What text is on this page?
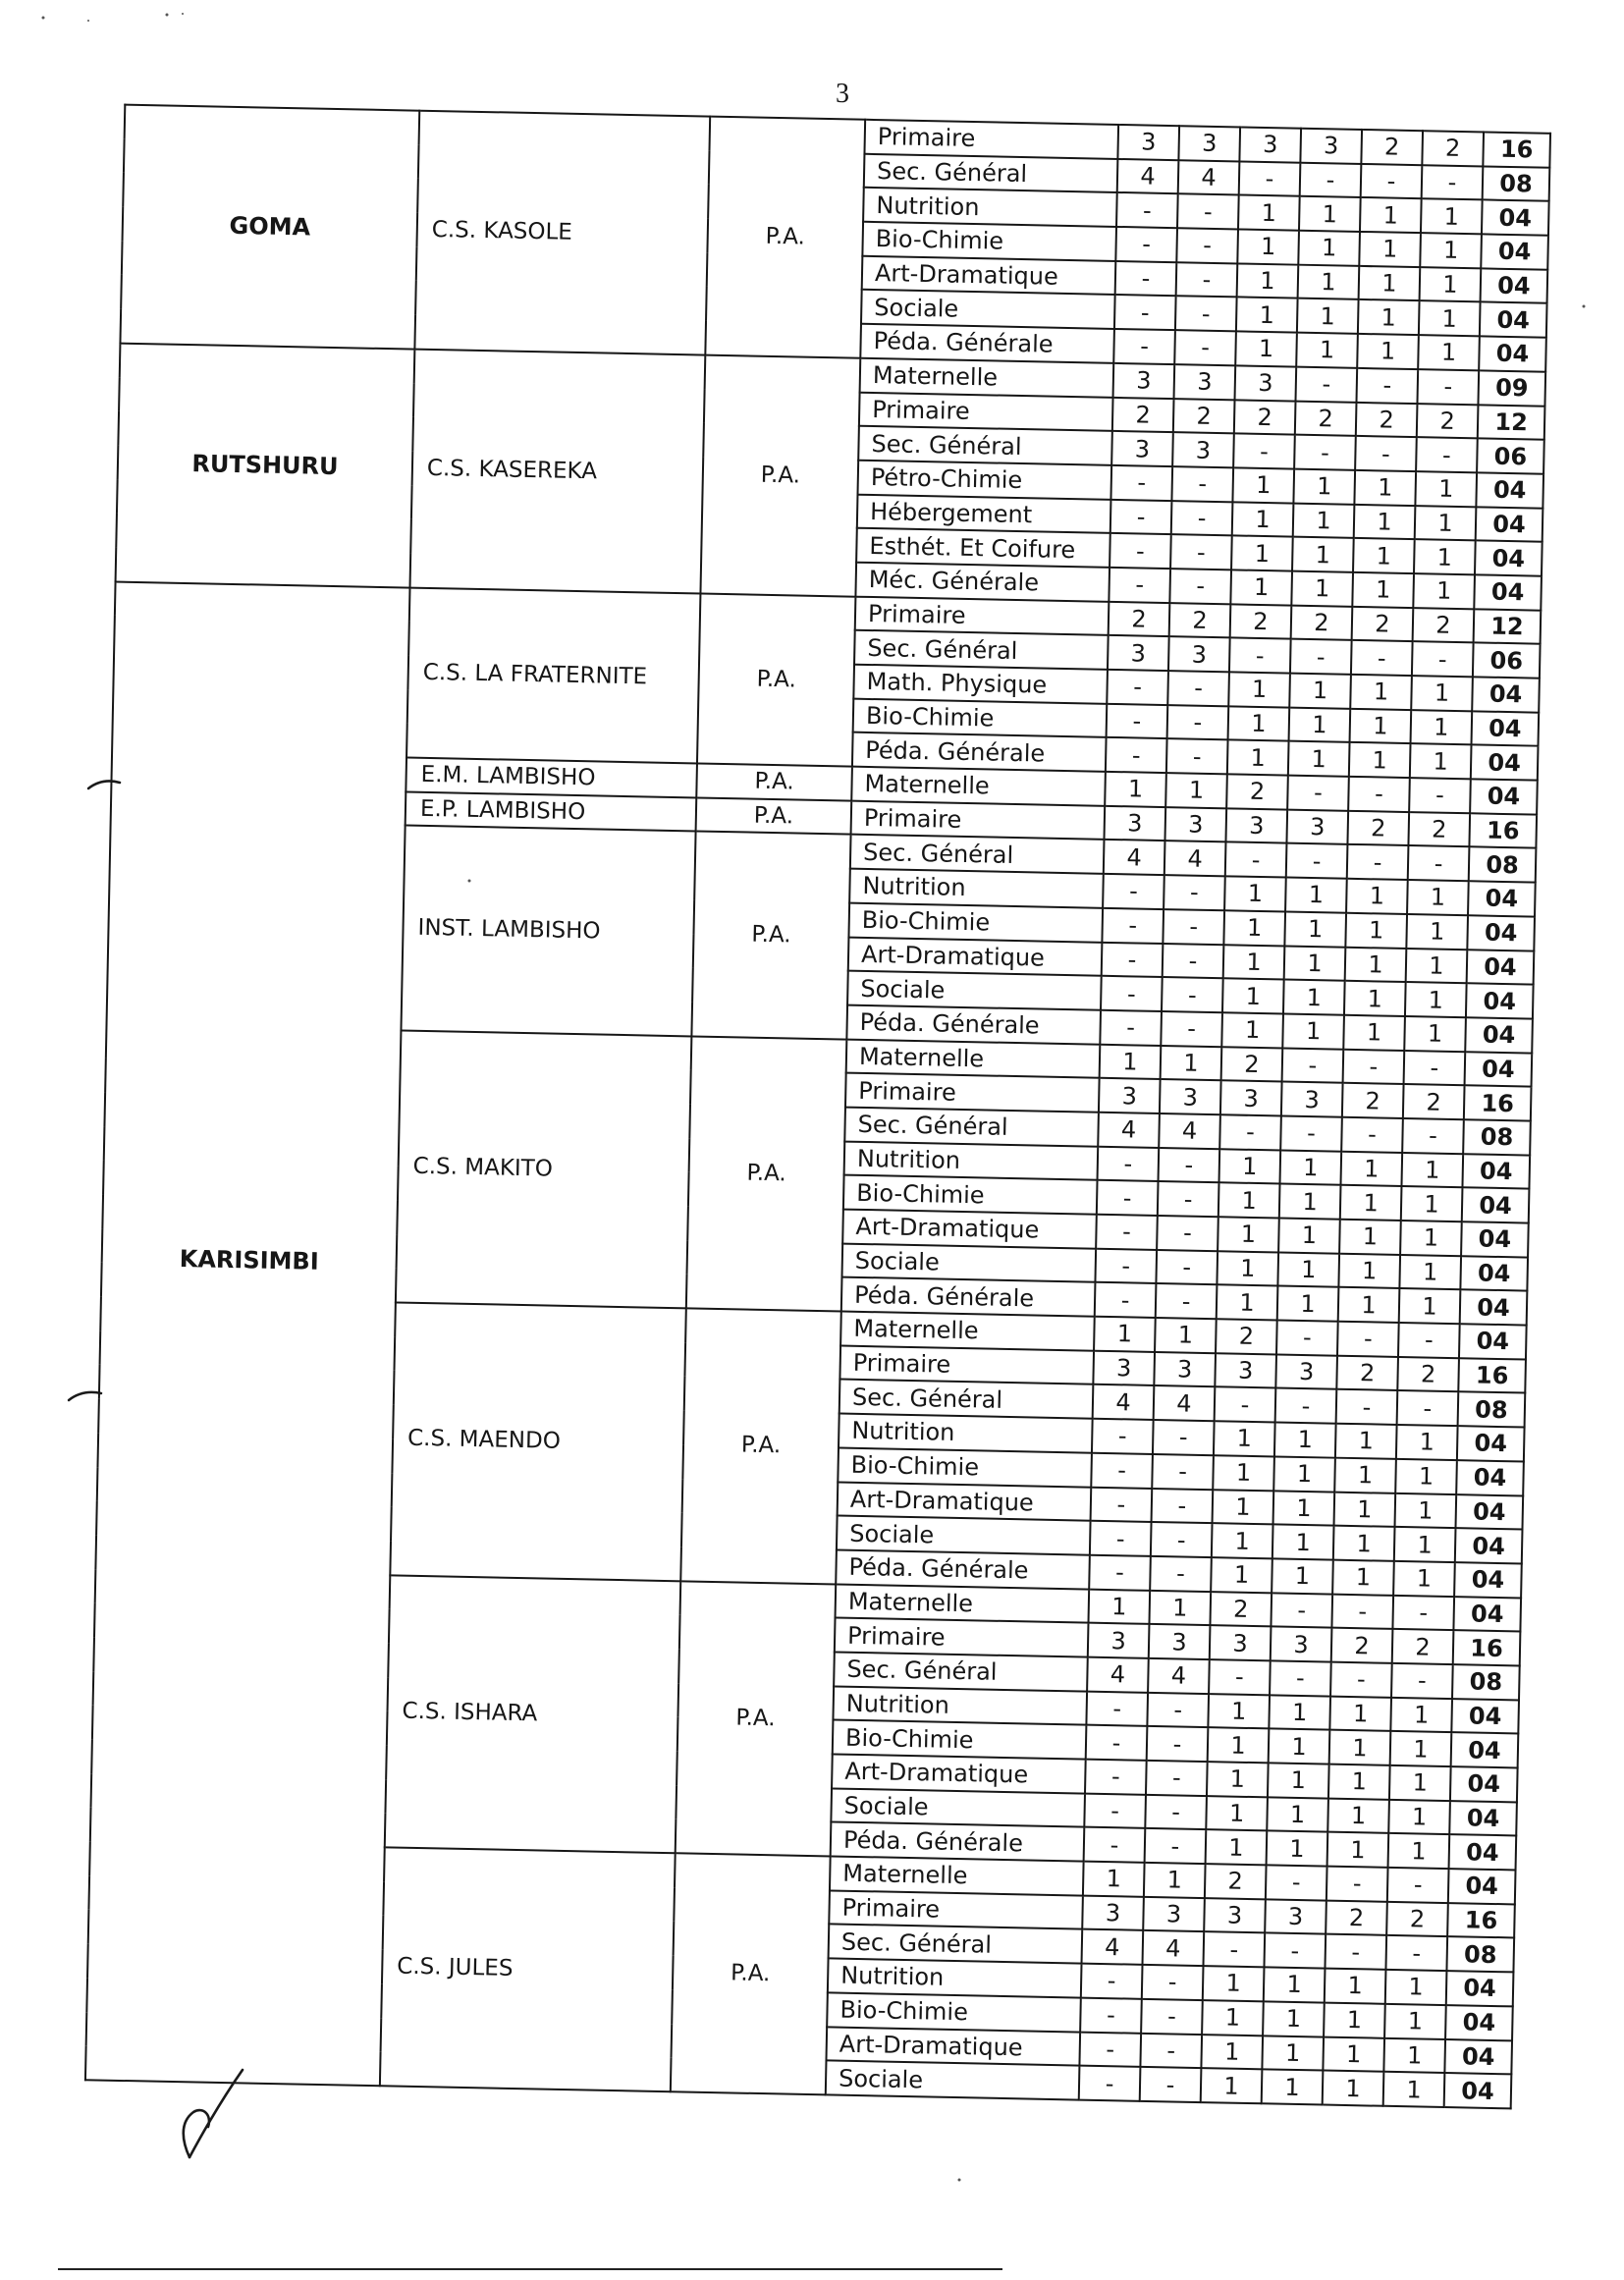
3
GOMA	C.S. KASOLE	P.A.	Primaire	3	3	3	3	2	2	16
			Sec. Général	4	4	-	-	-	-	08
			Nutrition	-	-	1	1	1	1	04
			Bio-Chimie	-	-	1	1	1	1	04
			Art-Dramatique	-	-	1	1	1	1	04
			Sociale	-	-	1	1	1	1	04
			Péda. Générale	-	-	1	1	1	1	04
RUTSHURU	C.S. KASEREKA	P.A.	Maternelle	3	3	3	-	-	-	09
			Primaire	2	2	2	2	2	2	12
			Sec. Général	3	3	-	-	-	-	06
			Pétro-Chimie	-	-	1	1	1	1	04
			Hébergement	-	-	1	1	1	1	04
			Esthét. Et Coifure	-	-	1	1	1	1	04
			Méc. Générale	-	-	1	1	1	1	04
KARISIMBI	C.S. LA FRATERNITE	P.A.	Primaire	2	2	2	2	2	2	12
			Sec. Général	3	3	-	-	-	-	06
			Math. Physique	-	-	1	1	1	1	04
			Bio-Chimie	-	-	1	1	1	1	04
			Péda. Générale	-	-	1	1	1	1	04
	E.M. LAMBISHO	P.A.	Maternelle	1	1	2	-	-	-	04
	E.P. LAMBISHO	P.A.	Primaire	3	3	3	3	2	2	16
	INST. LAMBISHO	P.A.	Sec. Général	4	4	-	-	-	-	08
			Nutrition	-	-	1	1	1	1	04
			Bio-Chimie	-	-	1	1	1	1	04
			Art-Dramatique	-	-	1	1	1	1	04
			Sociale	-	-	1	1	1	1	04
			Péda. Générale	-	-	1	1	1	1	04
	C.S. MAKITO	P.A.	Maternelle	1	1	2	-	-	-	04
			Primaire	3	3	3	3	2	2	16
			Sec. Général	4	4	-	-	-	-	08
			Nutrition	-	-	1	1	1	1	04
			Bio-Chimie	-	-	1	1	1	1	04
			Art-Dramatique	-	-	1	1	1	1	04
			Sociale	-	-	1	1	1	1	04
			Péda. Générale	-	-	1	1	1	1	04
	C.S. MAENDO	P.A.	Maternelle	1	1	2	-	-	-	04
			Primaire	3	3	3	3	2	2	16
			Sec. Général	4	4	-	-	-	-	08
			Nutrition	-	-	1	1	1	1	04
			Bio-Chimie	-	-	1	1	1	1	04
			Art-Dramatique	-	-	1	1	1	1	04
			Sociale	-	-	1	1	1	1	04
			Péda. Générale	-	-	1	1	1	1	04
	C.S. ISHARA	P.A.	Maternelle	1	1	2	-	-	-	04
			Primaire	3	3	3	3	2	2	16
			Sec. Général	4	4	-	-	-	-	08
			Nutrition	-	-	1	1	1	1	04
			Bio-Chimie	-	-	1	1	1	1	04
			Art-Dramatique	-	-	1	1	1	1	04
			Sociale	-	-	1	1	1	1	04
			Péda. Générale	-	-	1	1	1	1	04
	C.S. JULES	P.A.	Maternelle	1	1	2	-	-	-	04
			Primaire	3	3	3	3	2	2	16
			Sec. Général	4	4	-	-	-	-	08
			Nutrition	-	-	1	1	1	1	04
			Bio-Chimie	-	-	1	1	1	1	04
			Art-Dramatique	-	-	1	1	1	1	04
			Sociale	-	-	1	1	1	1	04
